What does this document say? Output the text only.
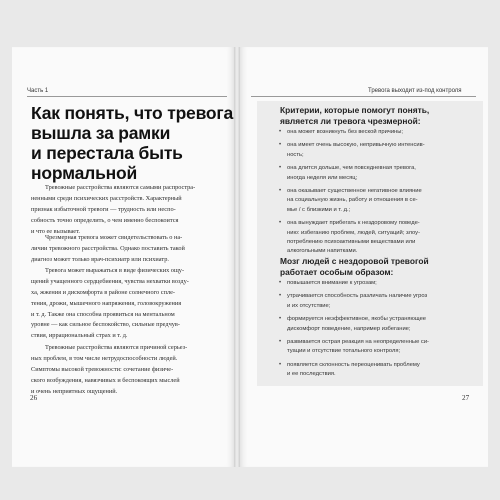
Часть 1	Тревога выходит из-под контроля
Как понять, что тревога
вышла за рамки
и перестала быть
нормальной
Тревожные расстройства являются самыми распростра-
ненными среди психических расстройств. Характерный
признак избыточной тревоги — трудность или неспо-
собность точно определить, о чем именно беспокоится
и что ее вызывает.
Чрезмерная тревога может свидетельствовать о на-
личии тревожного расстройства. Однако поставить такой
диагноз может только врач-психиатр или психиатр.
Тревога может выражаться в виде физических ощу-
щений учащенного сердцебиения, чувства нехватки возду-
ха, жжения и дискомфорта в районе солнечного спле-
тения, дрожи, мышечного напряжения, головокружения
и т. д. Также она способна проявиться на ментальном
уровне — как сильное беспокойство, сильные предчув-
ствия, иррациональный страх и т. д.
Тревожные расстройства являются причиной серьез-
ных проблем, в том числе нетрудоспособности людей.
Симптомы высокой тревожности: сочетание физиче-
ского возбуждения, навязчивых и беспокоящих мыслей
и очень неприятных ощущений.
26
Критерии, которые помогут понять,
является ли тревога чрезмерной:
• она может возникнуть без веской причины;
• она имеет очень высокую, непривычную интенсив-
ность;
• она длится дольше, чем повседневная тревога,
иногда неделя или месяц;
• она оказывает существенное негативное влияние
на социальную жизнь, работу и отношения в се-
мье / с близкими и т. д.;
• она вынуждает прибегать к нездоровому поведе-
нию: избеганию проблем, людей, ситуаций; злоу-
потреблению психоактивными веществами или
Мозг людей с нездоровой тревогой
работает особым образом:
• повышается внимание к угрозам;
• утрачивается способность различать наличие угроз
и их отсутствие;
• формируется неэффективное, якобы устраняющее
дискомфорт поведение, например избегание;
• развивается острая реакция на неопределенные си-
туации и отсутствие тотального контроля;
• появляется склонность переоценивать проблему
и ее последствия.
27
